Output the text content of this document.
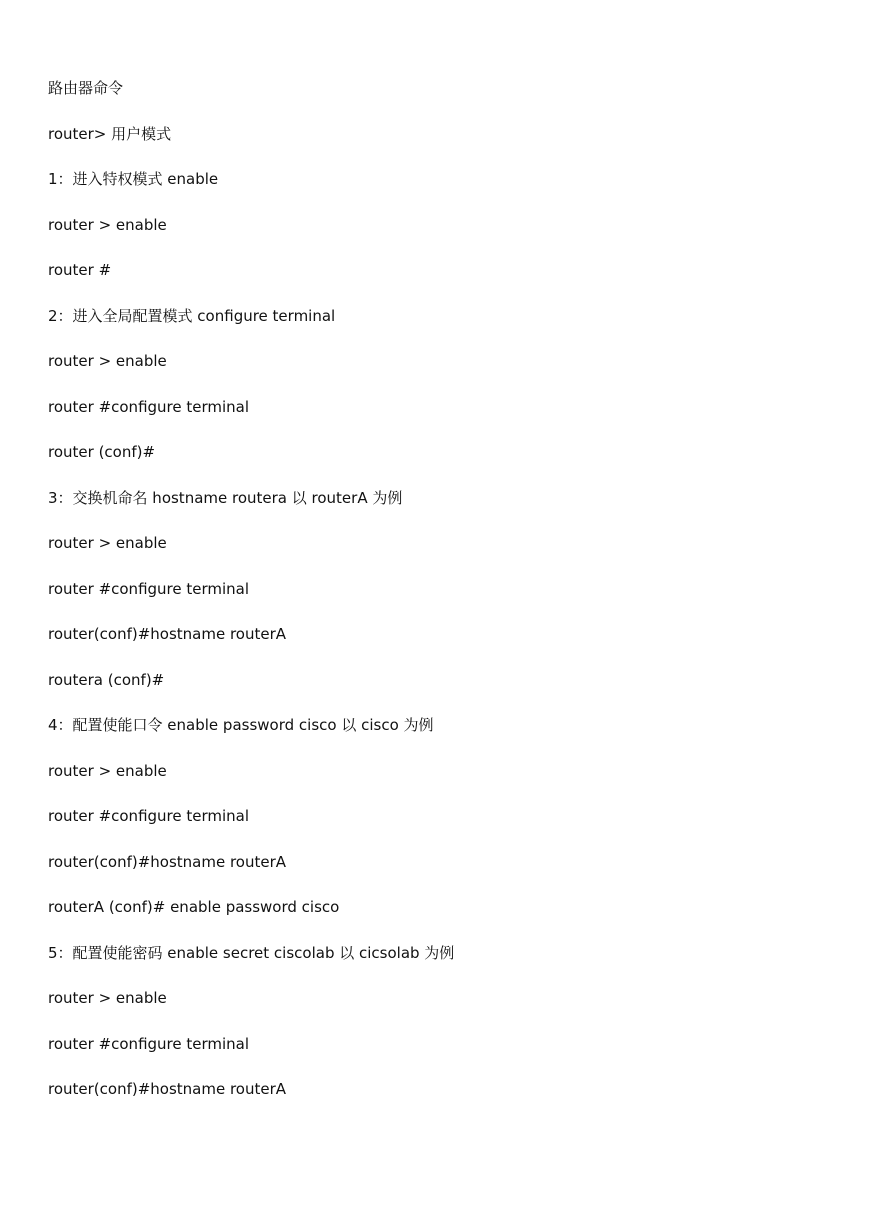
路由器命令
router> 用户模式
1：进入特权模式 enable
router > enable
router #
2：进入全局配置模式 configure terminal
router > enable
router #configure terminal
router (conf)#
3：交换机命名 hostname routera 以 routerA 为例
router > enable
router #configure terminal
router(conf)#hostname routerA
routera (conf)#
4：配置使能口令 enable password cisco 以 cisco 为例
router > enable
router #configure terminal
router(conf)#hostname routerA
routerA (conf)# enable password cisco
5：配置使能密码 enable secret ciscolab 以 cicsolab 为例
router > enable
router #configure terminal
router(conf)#hostname routerA
